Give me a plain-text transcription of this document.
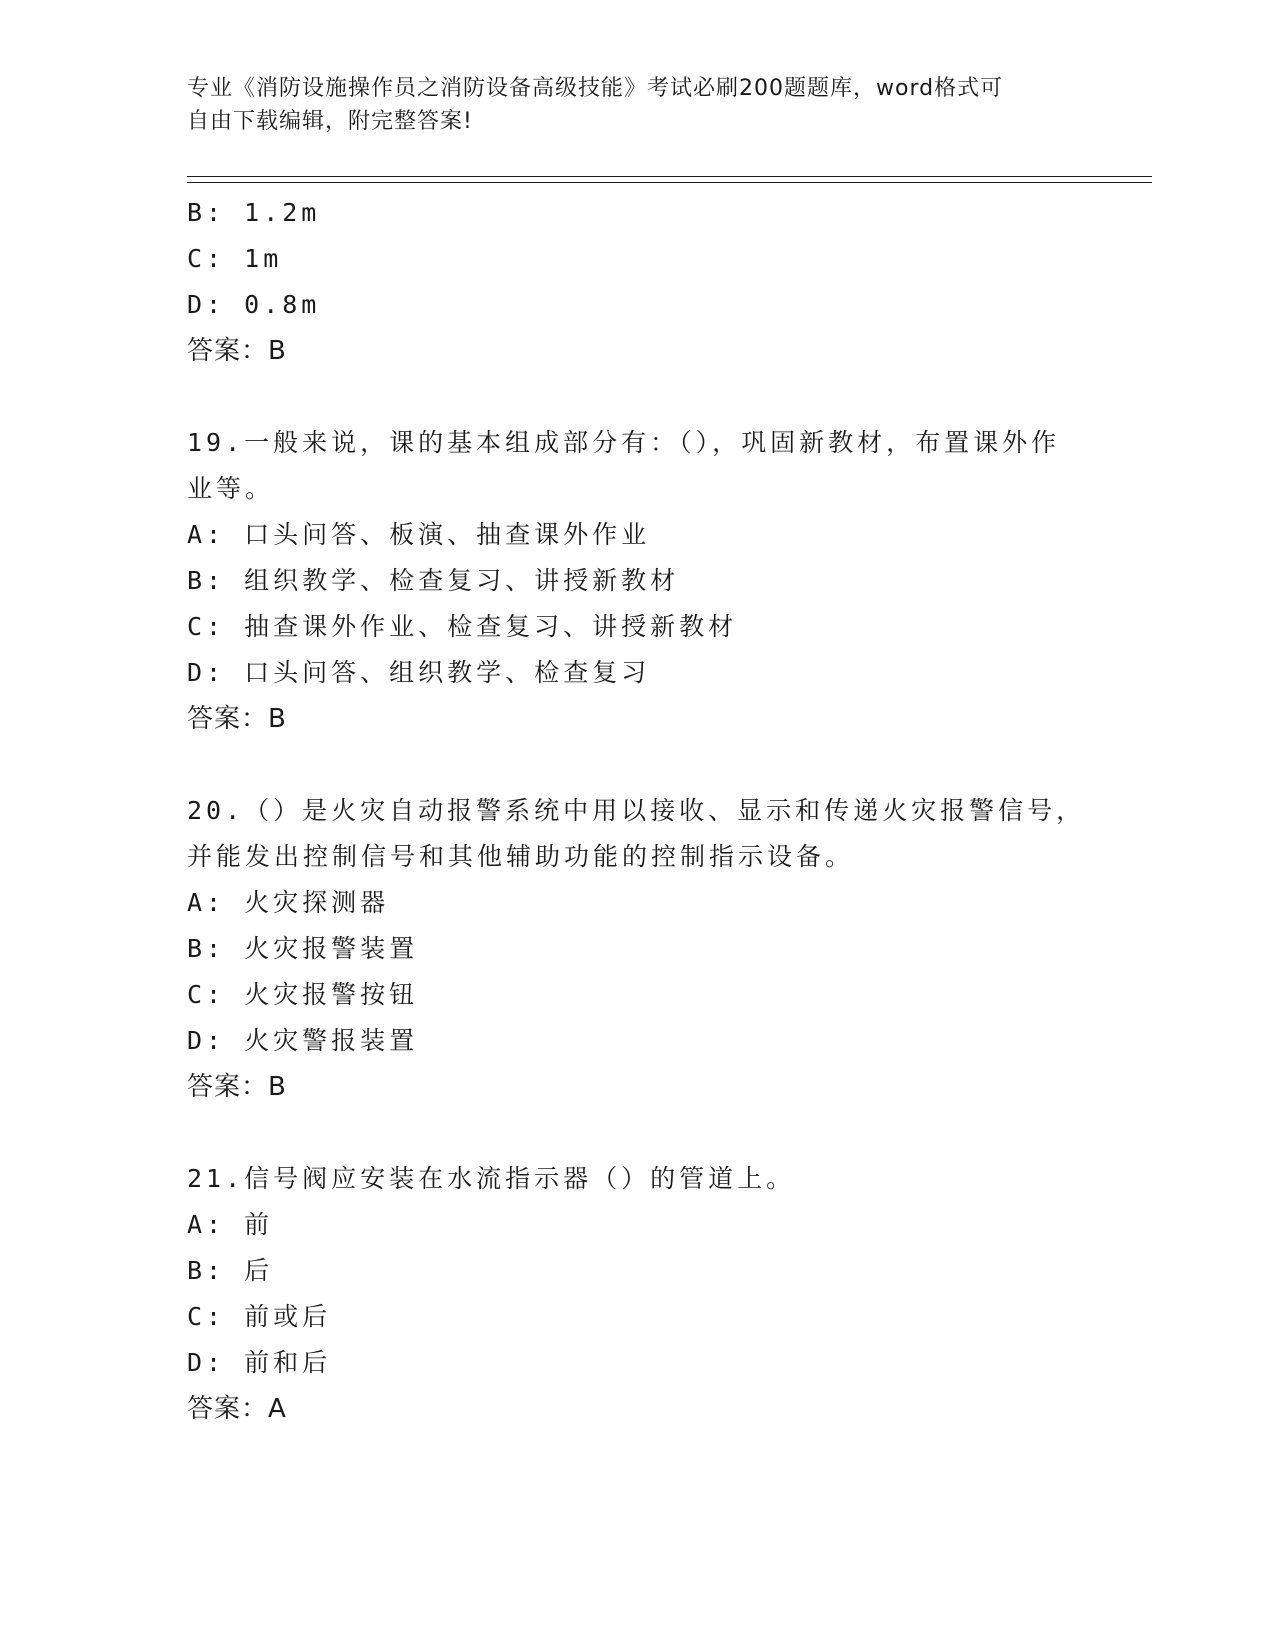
专业《消防设施操作员之消防设备高级技能》考试必刷200题题库，word格式可
自由下载编辑，附完整答案!
B: 1.2m
C: 1m
D: 0.8m
答案：B
19.一般来说，课的基本组成部分有：（），巩固新教材，布置课外作
业等。
A: 口头问答、板演、抽查课外作业
B: 组织教学、检查复习、讲授新教材
C: 抽查课外作业、检查复习、讲授新教材
D: 口头问答、组织教学、检查复习
答案：B
20.（）是火灾自动报警系统中用以接收、显示和传递火灾报警信号，
并能发出控制信号和其他辅助功能的控制指示设备。
A: 火灾探测器
B: 火灾报警装置
C: 火灾报警按钮
D: 火灾警报装置
答案：B
21.信号阀应安装在水流指示器（）的管道上。
A: 前
B: 后
C: 前或后
D: 前和后
答案：A
